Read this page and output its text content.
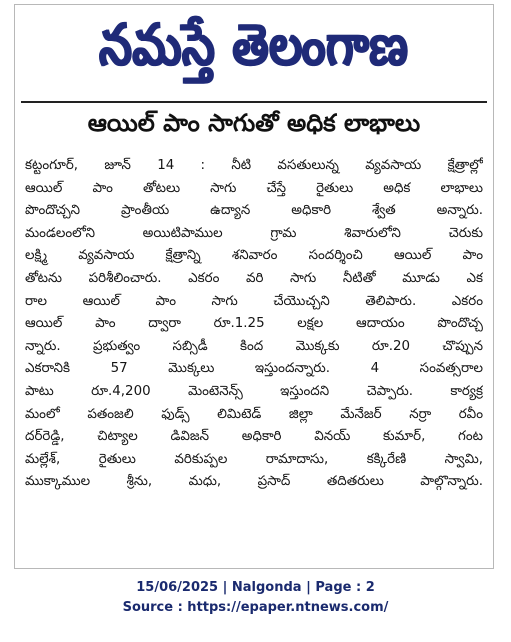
నమస్తే తెలంగాణ
ఆయిల్ పాం సాగుతో అధిక లాభాలు
కట్టంగూర్, జూన్ 14 : నీటి వసతులున్న వ్యవసాయ క్షేత్రాల్లో
ఆయిల్ పాం తోటలు సాగు చేస్తే రైతులు అధిక లాభాలు
పొందొచ్చని ప్రాంతీయ ఉద్యాన అధికారి శ్వేత అన్నారు.
మండలంలోని అయిటిపాముల గ్రామ శివారులోని చెరుకు
లక్ష్మి వ్యవసాయ క్షేత్రాన్ని శనివారం సందర్శించి ఆయిల్ పాం
తోటను పరిశీలించారు. ఎకరం వరి సాగు నీటితో మూడు ఎక
రాల ఆయిల్ పాం సాగు చేయొచ్చని తెలిపారు. ఎకరం
ఆయిల్ పాం ద్వారా రూ.1.25 లక్షల ఆదాయం పొందొచ్చ
న్నారు. ప్రభుత్వం సబ్సిడీ కింద మొక్కకు రూ.20 చొప్పున
ఎకరానికి 57 మొక్కలు ఇస్తుందన్నారు. 4 సంవత్సరాల
పాటు రూ.4,200 మెంటెనెన్స్ ఇస్తుందని చెప్పారు. కార్యక్ర
మంలో పతంజలి ఫుడ్స్ లిమిటెడ్ జిల్లా మేనేజర్ నర్రా రవీం
దర్‌రెడ్డి, చిట్యాల డివిజన్ అధికారి వినయ్ కుమార్, గంట
మల్లేశ్, రైతులు వరికుప్పల రామాదాసు, కక్కిరేణి స్వామి,
ముక్కాముల శ్రీను, మధు, ప్రసాద్ తదితరులు పాల్గొన్నారు.
15/06/2025 | Nalgonda | Page : 2
Source : https://epaper.ntnews.com/
